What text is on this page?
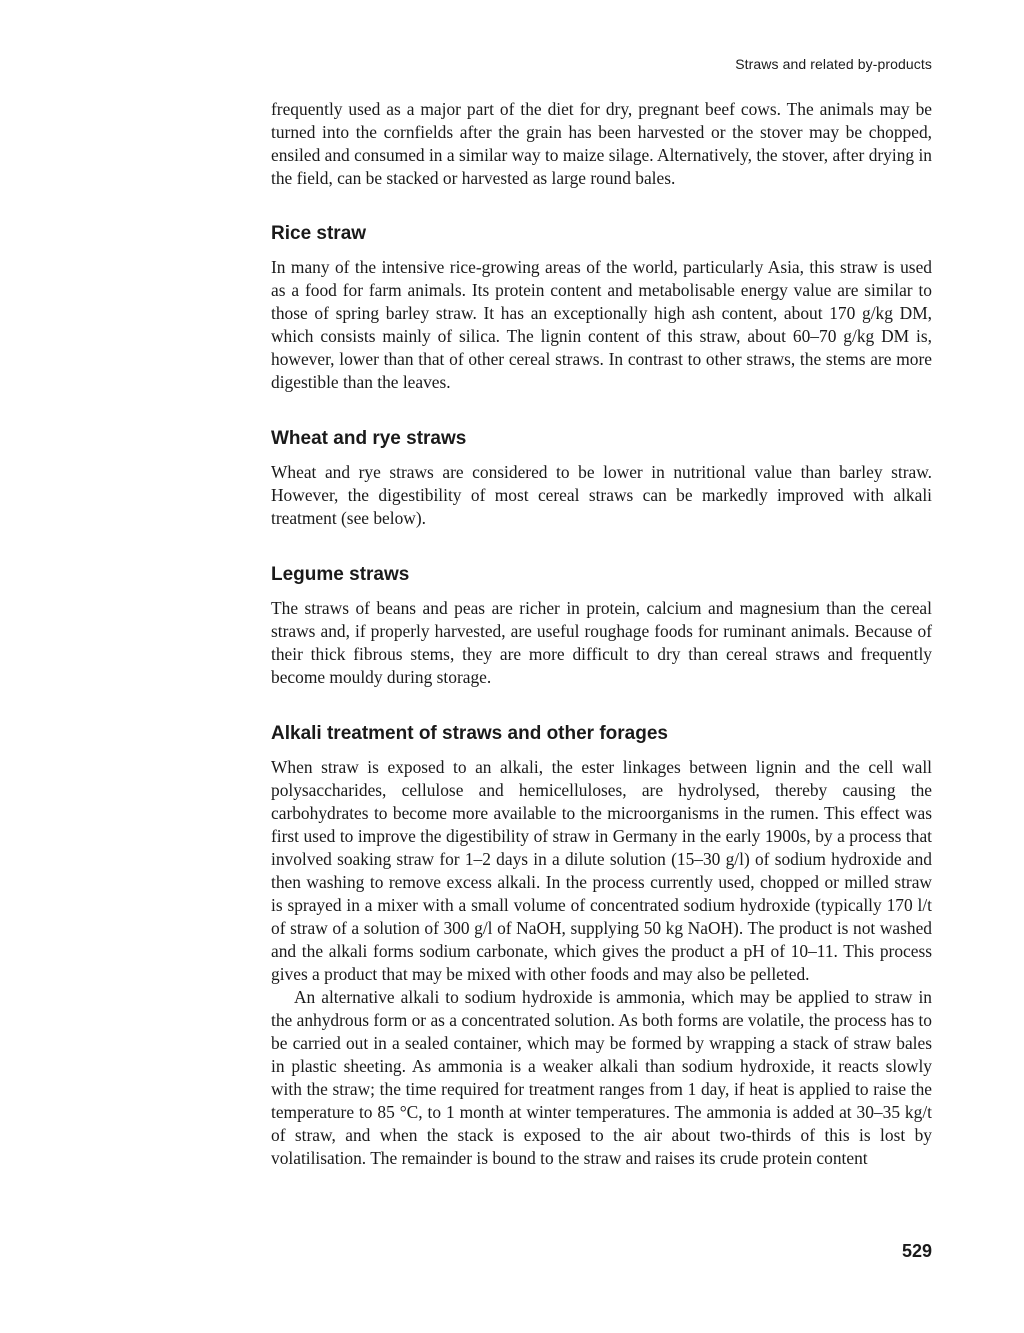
Straws and related by-products

frequently used as a major part of the diet for dry, pregnant beef cows. The animals may be turned into the cornfields after the grain has been harvested or the stover may be chopped, ensiled and consumed in a similar way to maize silage. Alternatively, the stover, after drying in the field, can be stacked or harvested as large round bales.

Rice straw

In many of the intensive rice-growing areas of the world, particularly Asia, this straw is used as a food for farm animals. Its protein content and metabolisable energy value are similar to those of spring barley straw. It has an exceptionally high ash content, about 170 g/kg DM, which consists mainly of silica. The lignin content of this straw, about 60–70 g/kg DM is, however, lower than that of other cereal straws. In contrast to other straws, the stems are more digestible than the leaves.

Wheat and rye straws

Wheat and rye straws are considered to be lower in nutritional value than barley straw. However, the digestibility of most cereal straws can be markedly improved with alkali treatment (see below).

Legume straws

The straws of beans and peas are richer in protein, calcium and magnesium than the cereal straws and, if properly harvested, are useful roughage foods for ruminant animals. Because of their thick fibrous stems, they are more difficult to dry than cereal straws and frequently become mouldy during storage.

Alkali treatment of straws and other forages

When straw is exposed to an alkali, the ester linkages between lignin and the cell wall polysaccharides, cellulose and hemicelluloses, are hydrolysed, thereby causing the carbohydrates to become more available to the microorganisms in the rumen. This effect was first used to improve the digestibility of straw in Germany in the early 1900s, by a process that involved soaking straw for 1–2 days in a dilute solution (15–30 g/l) of sodium hydroxide and then washing to remove excess alkali. In the process currently used, chopped or milled straw is sprayed in a mixer with a small volume of concentrated sodium hydroxide (typically 170 l/t of straw of a solution of 300 g/l of NaOH, supplying 50 kg NaOH). The product is not washed and the alkali forms sodium carbonate, which gives the product a pH of 10–11. This process gives a product that may be mixed with other foods and may also be pelleted.

An alternative alkali to sodium hydroxide is ammonia, which may be applied to straw in the anhydrous form or as a concentrated solution. As both forms are volatile, the process has to be carried out in a sealed container, which may be formed by wrapping a stack of straw bales in plastic sheeting. As ammonia is a weaker alkali than sodium hydroxide, it reacts slowly with the straw; the time required for treatment ranges from 1 day, if heat is applied to raise the temperature to 85 °C, to 1 month at winter temperatures. The ammonia is added at 30–35 kg/t of straw, and when the stack is exposed to the air about two-thirds of this is lost by volatilisation. The remainder is bound to the straw and raises its crude protein content

529
